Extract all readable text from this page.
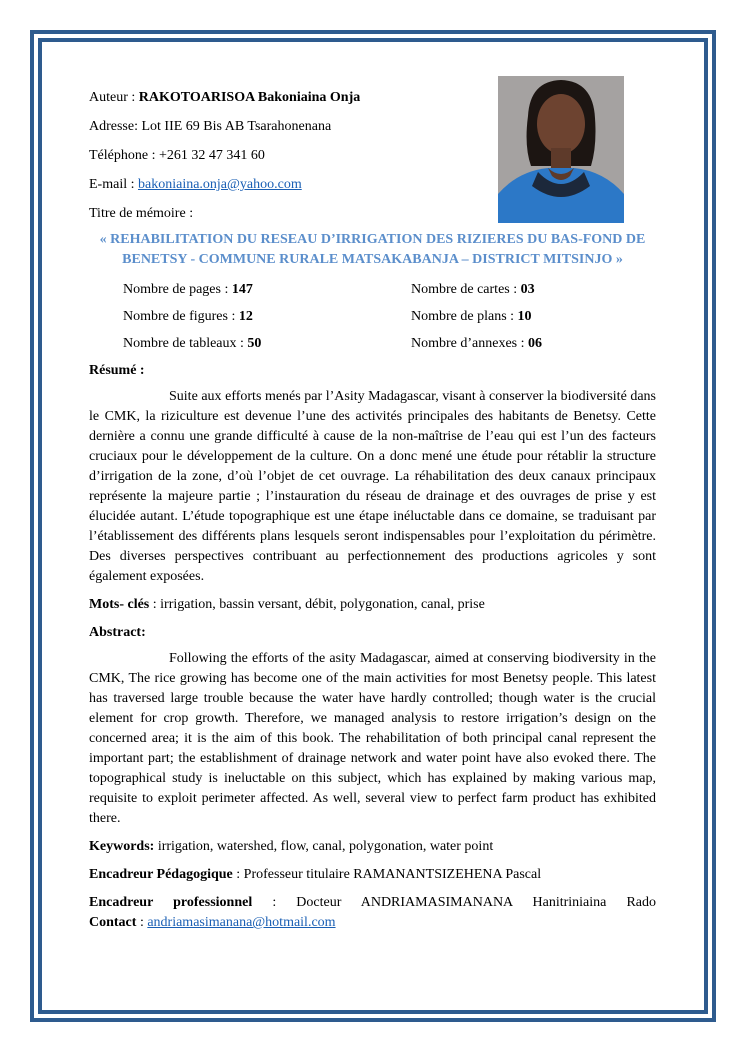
Auteur : RAKOTOARISOA Bakoniaina Onja
Adresse: Lot IIE 69 Bis AB Tsarahonenana
Téléphone : +261 32 47 341 60
E-mail : bakoniaina.onja@yahoo.com
Titre de mémoire :
« REHABILITATION DU RESEAU D’IRRIGATION DES RIZIERES DU BAS-FOND DE BENETSY - COMMUNE RURALE MATSAKABANJA – DISTRICT MITSINJO »
Nombre de pages : 147	Nombre de cartes : 03
Nombre de figures : 12	Nombre de plans : 10
Nombre de tableaux : 50	Nombre d’annexes : 06
Résumé :
Suite aux efforts menés par l’Asity Madagascar, visant à conserver la biodiversité dans le CMK, la riziculture est devenue l’une des activités principales des habitants de Benetsy. Cette dernière a connu une grande difficulté à cause de la non-maîtrise de l’eau qui est l’un des facteurs cruciaux pour le développement de la culture. On a donc mené une étude pour rétablir la structure d’irrigation de la zone, d’où l’objet de cet ouvrage. La réhabilitation des deux canaux principaux représente la majeure partie ; l’instauration du réseau de drainage et des ouvrages de prise y est élucidée autant. L’étude topographique est une étape inéluctable dans ce domaine, se traduisant par l’établissement des différents plans lesquels seront indispensables pour l’exploitation du périmètre. Des diverses perspectives contribuant au perfectionnement des productions agricoles y sont également exposées.
Mots- clés : irrigation, bassin versant, débit, polygonation, canal, prise
Abstract:
Following the efforts of the asity Madagascar, aimed at conserving biodiversity in the CMK, The rice growing has become one of the main activities for most Benetsy people. This latest has traversed large trouble because the water have hardly controlled; though water is the crucial element for crop growth. Therefore, we managed analysis to restore irrigation’s design on the concerned area; it is the aim of this book. The rehabilitation of both principal canal represent the important part; the establishment of drainage network and water point have also evoked there. The topographical study is ineluctable on this subject, which has explained by making various map, requisite to exploit perimeter affected. As well, several view to perfect farm product has exhibited there.
Keywords: irrigation, watershed, flow, canal, polygonation, water point
Encadreur Pédagogique : Professeur titulaire RAMANANTSIZEHENA Pascal
Encadreur professionnel : Docteur ANDRIAMASIMANANA Hanitriniaina Rado
Contact : andriamasimanana@hotmail.com
